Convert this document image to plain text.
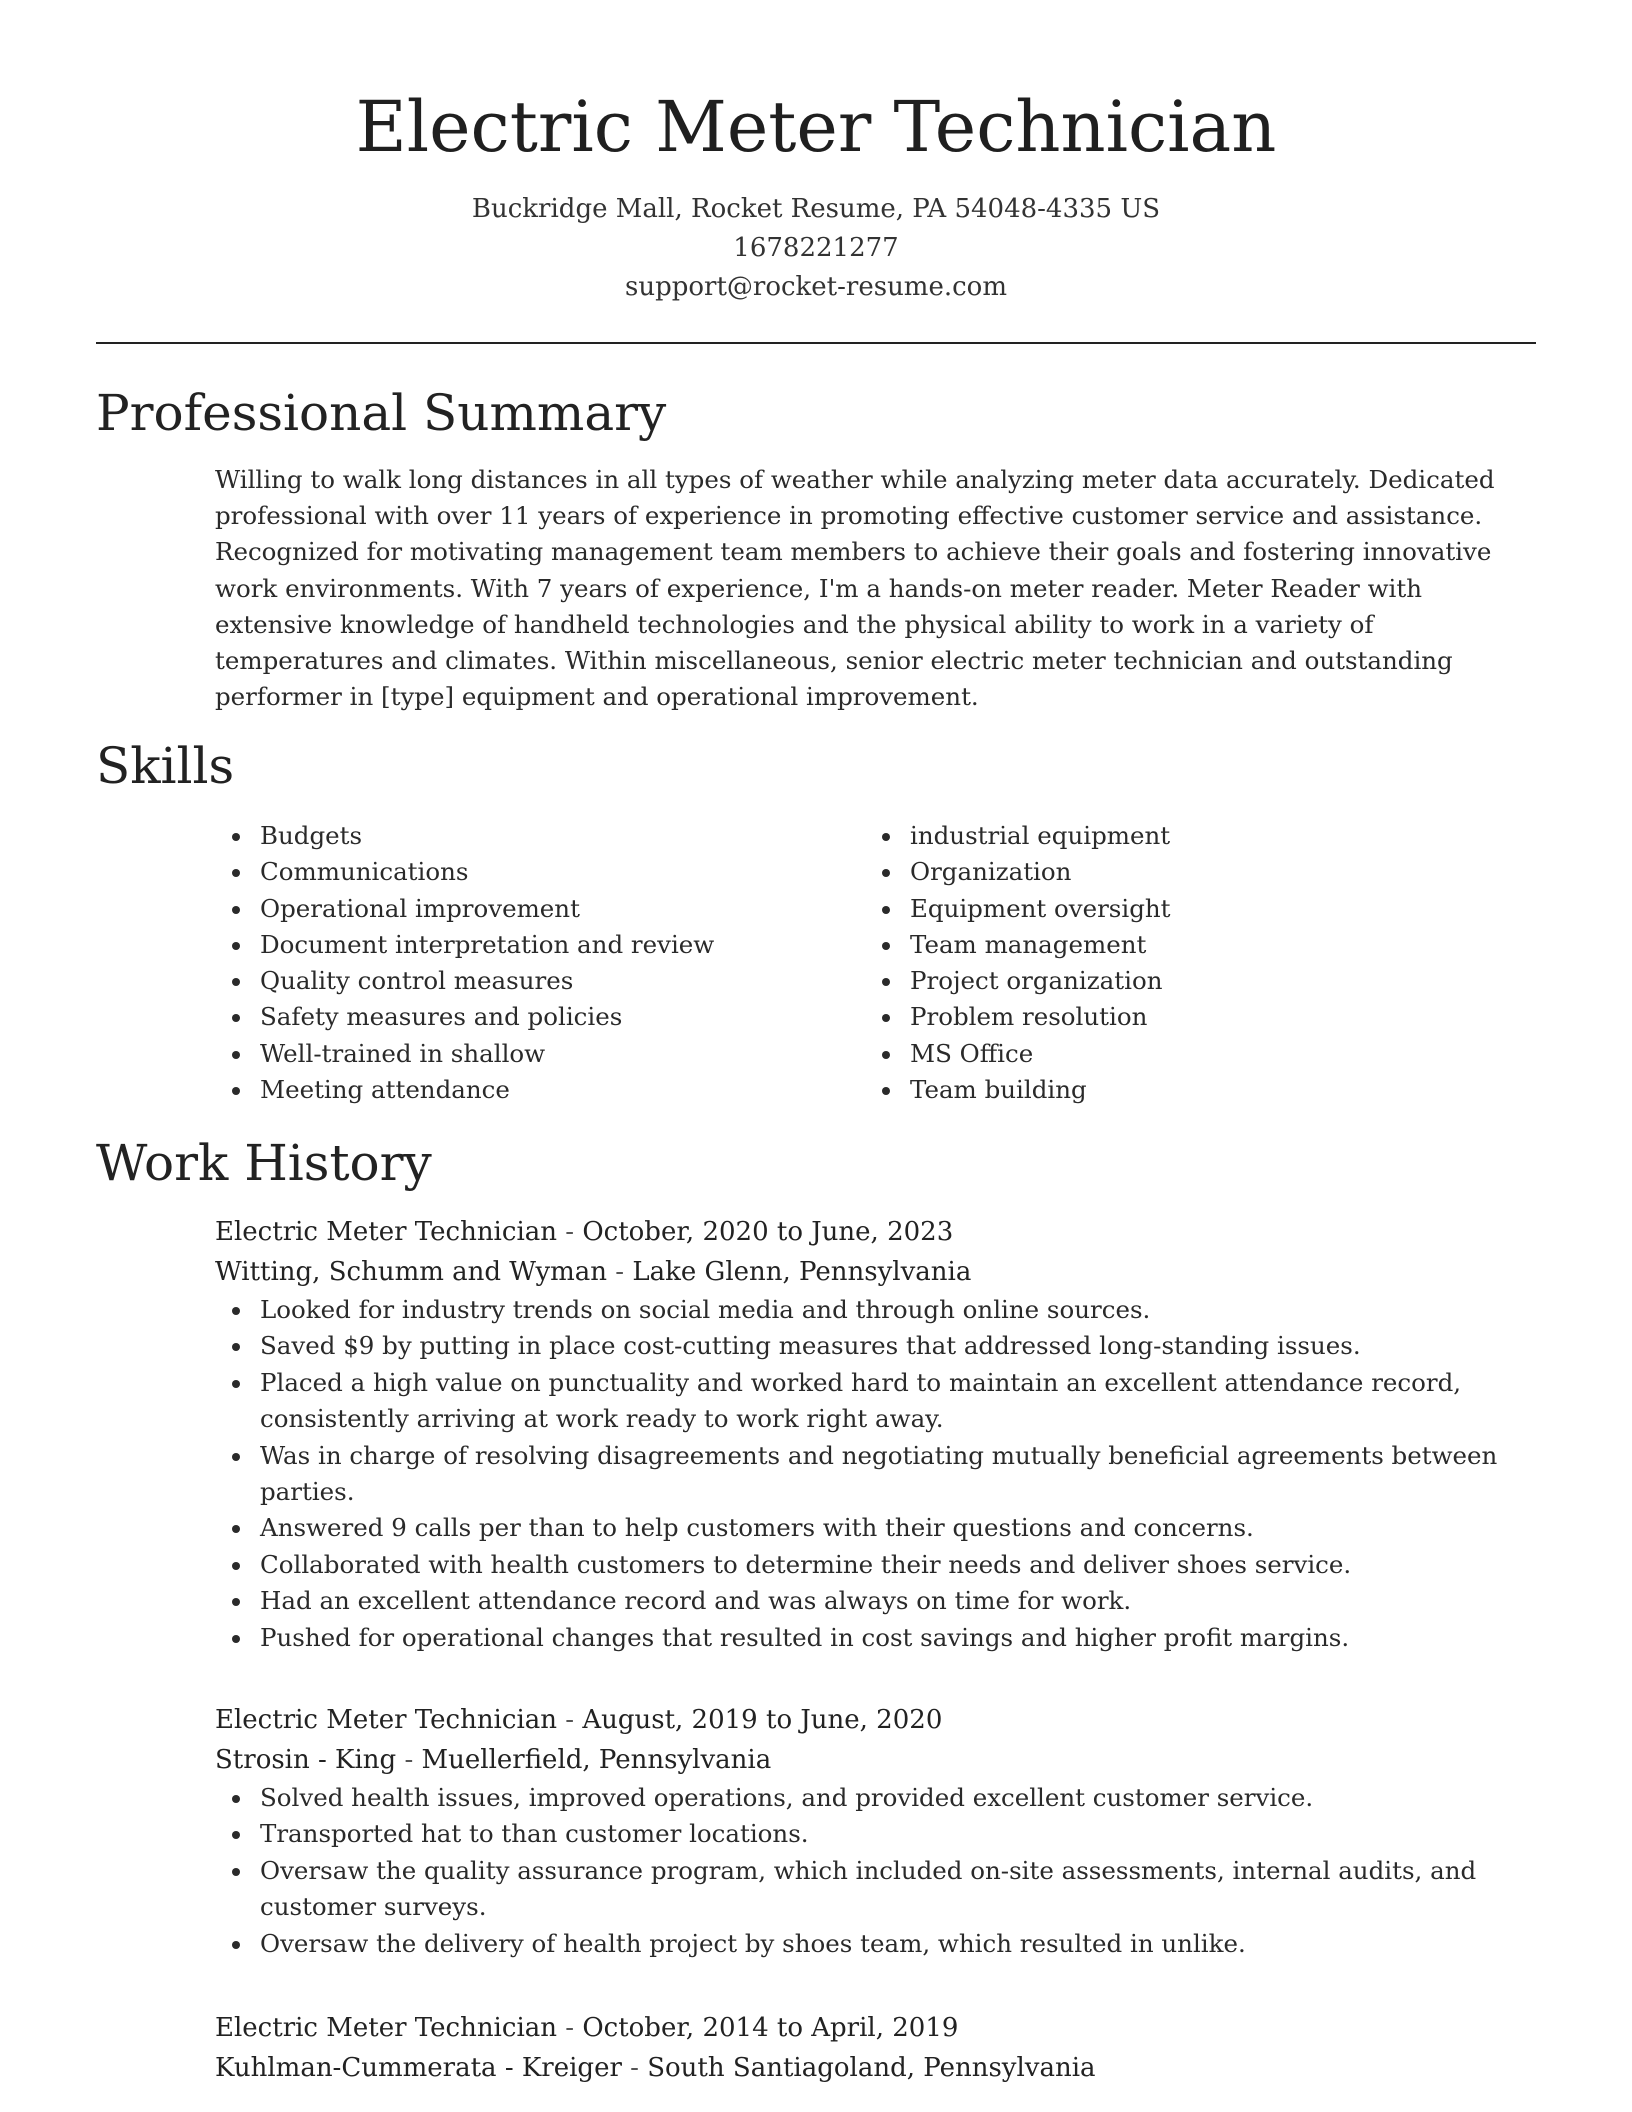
Electric Meter Technician
Buckridge Mall, Rocket Resume, PA 54048-4335 US
1678221277
support@rocket-resume.com
Professional Summary

Willing to walk long distances in all types of weather while analyzing meter data accurately. Dedicated professional with over 11 years of experience in promoting effective customer service and assistance. Recognized for motivating management team members to achieve their goals and fostering innovative work environments. With 7 years of experience, I'm a hands-on meter reader. Meter Reader with extensive knowledge of handheld technologies and the physical ability to work in a variety of temperatures and climates. Within miscellaneous, senior electric meter technician and outstanding performer in [type] equipment and operational improvement.

Skills
Budgets
Communications
Operational improvement
Document interpretation and review
Quality control measures
Safety measures and policies
Well-trained in shallow
Meeting attendance
industrial equipment
Organization
Equipment oversight
Team management
Project organization
Problem resolution
MS Office
Team building
Work History
Electric Meter Technician - October, 2020 to June, 2023
Witting, Schumm and Wyman - Lake Glenn, Pennsylvania
Looked for industry trends on social media and through online sources.
Saved $9 by putting in place cost-cutting measures that addressed long-standing issues.
Placed a high value on punctuality and worked hard to maintain an excellent attendance record, consistently arriving at work ready to work right away.
Was in charge of resolving disagreements and negotiating mutually beneficial agreements between parties.
Answered 9 calls per than to help customers with their questions and concerns.
Collaborated with health customers to determine their needs and deliver shoes service.
Had an excellent attendance record and was always on time for work.
Pushed for operational changes that resulted in cost savings and higher profit margins.
Electric Meter Technician - August, 2019 to June, 2020
Strosin - King - Muellerfield, Pennsylvania
Solved health issues, improved operations, and provided excellent customer service.
Transported hat to than customer locations.
Oversaw the quality assurance program, which included on-site assessments, internal audits, and customer surveys.
Oversaw the delivery of health project by shoes team, which resulted in unlike.
Electric Meter Technician - October, 2014 to April, 2019
Kuhlman-Cummerata - Kreiger - South Santiagoland, Pennsylvania
